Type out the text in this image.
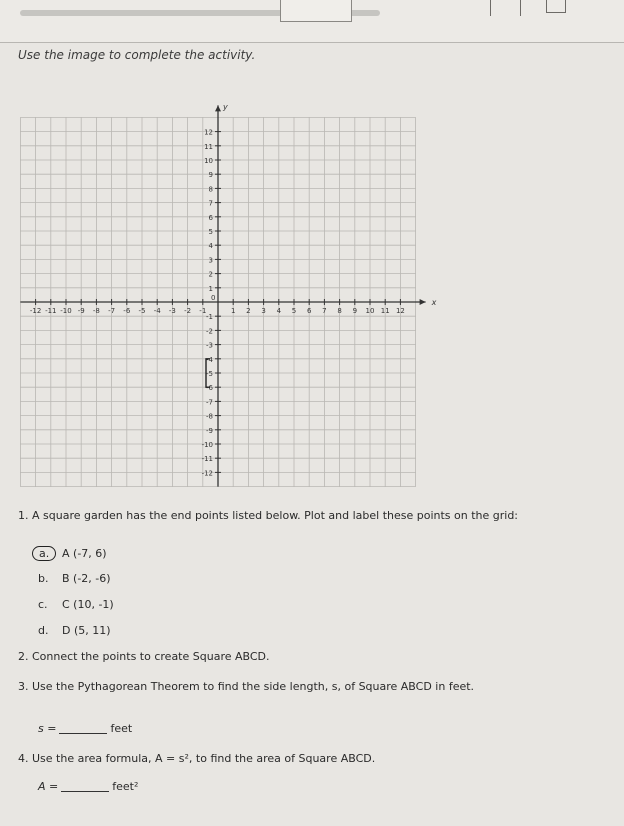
Use the image to complete the activity.
x
y
0
-12 -11 -10 -9 -8 -7 -6 -5 -4 -3 -2 -1	1 2 3 4 5 6 7 8 9 10 11 12
12
11
10
9
8
7
6
5
4
3
2
1
-1
-2
-3
-4
-5
-6
-7
-8
-9
-10
-11
-12
1. A square garden has the end points listed below. Plot and label these points on the grid:
a. A (-7, 6)
b. B (-2, -6)
c. C (10, -1)
d. D (5, 11)
2. Connect the points to create Square ABCD.
3. Use the Pythagorean Theorem to find the side length, s, of Square ABCD in feet.
s =	feet
4. Use the area formula, A = s², to find the area of Square ABCD.
A =	feet²
